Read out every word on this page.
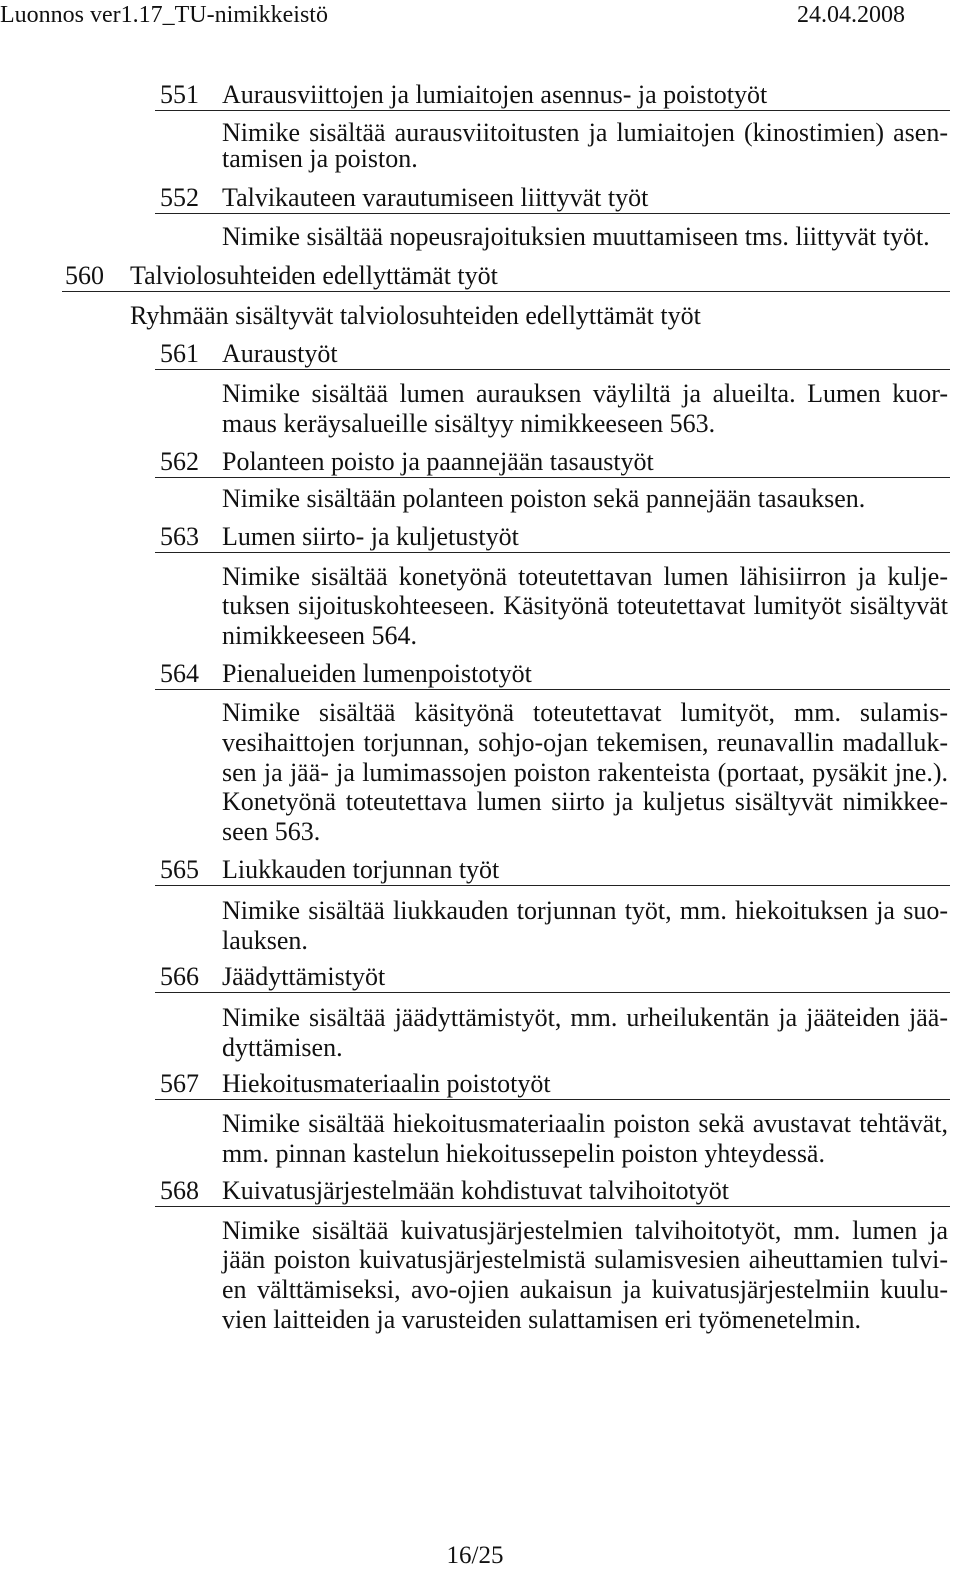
Luonnos ver1.17_TU-nimikkeistö	24.04.2008
551 Aurausviittojen ja lumiaitojen asennus- ja poistotyöt
Nimike sisältää aurausviitoitusten ja lumiaitojen (kinostimien) asen-
tamisen ja poiston.
552 Talvikauteen varautumiseen liittyvät työt
Nimike sisältää nopeusrajoituksien muuttamiseen tms. liittyvät työt.
560 Talviolosuhteiden edellyttämät työt
Ryhmään sisältyvät talviolosuhteiden edellyttämät työt
561 Auraustyöt
Nimike sisältää lumen aurauksen väyliltä ja alueilta. Lumen kuor-
maus keräysalueille sisältyy nimikkeeseen 563.
562 Polanteen poisto ja paannejään tasaustyöt
Nimike sisältään polanteen poiston sekä pannejään tasauksen.
563 Lumen siirto- ja kuljetustyöt
Nimike sisältää konetyönä toteutettavan lumen lähisiirron ja kulje-
tuksen sijoituskohteeseen. Käsityönä toteutettavat lumityöt sisältyvät
nimikkeeseen 564.
564 Pienalueiden lumenpoistotyöt
Nimike sisältää käsityönä toteutettavat lumityöt, mm. sulamis-
vesihaittojen torjunnan, sohjo-ojan tekemisen, reunavallin madalluk-
sen ja jää- ja lumimassojen poiston rakenteista (portaat, pysäkit jne.).
Konetyönä toteutettava lumen siirto ja kuljetus sisältyvät nimikkee-
seen 563.
565 Liukkauden torjunnan työt
Nimike sisältää liukkauden torjunnan työt, mm. hiekoituksen ja suo-
lauksen.
566 Jäädyttämistyöt
Nimike sisältää jäädyttämistyöt, mm. urheilukentän ja jääteiden jää-
dyttämisen.
567 Hiekoitusmateriaalin poistotyöt
Nimike sisältää hiekoitusmateriaalin poiston sekä avustavat tehtävät,
mm. pinnan kastelun hiekoitussepelin poiston yhteydessä.
568 Kuivatusjärjestelmään kohdistuvat talvihoitotyöt
Nimike sisältää kuivatusjärjestelmien talvihoitotyöt, mm. lumen ja
jään poiston kuivatusjärjestelmistä sulamisvesien aiheuttamien tulvi-
en välttämiseksi, avo-ojien aukaisun ja kuivatusjärjestelmiin kuulu-
vien laitteiden ja varusteiden sulattamisen eri työmenetelmin.
16/25
